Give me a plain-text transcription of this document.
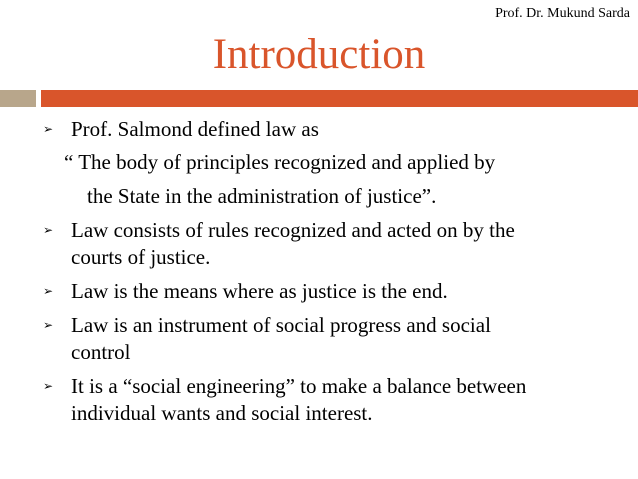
Prof. Dr. Mukund Sarda
Introduction
➢ Prof. Salmond defined law as
“ The body of principles recognized and applied by
the State in the administration of justice”.
➢ Law consists of rules recognized and acted on by the
courts of justice.
➢ Law is the means where as justice is the end.
➢ Law is an instrument of social progress and social
control
➢ It is a “social engineering” to make a balance between
individual wants and social interest.
